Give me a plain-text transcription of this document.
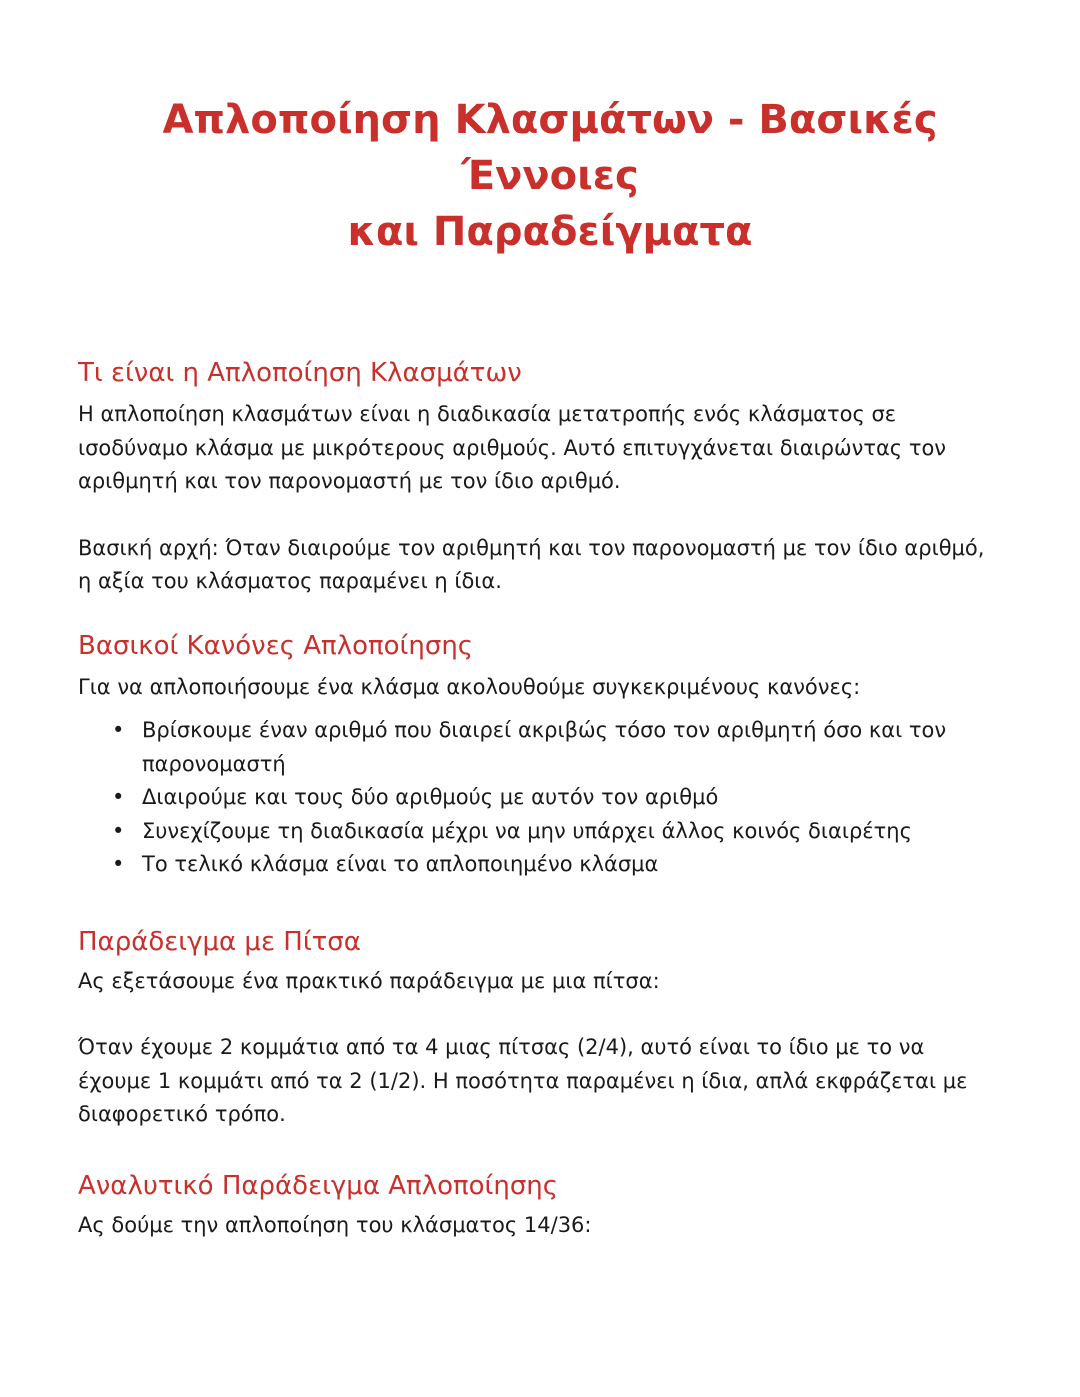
Απλοποίηση Κλασμάτων - Βασικές Έννοιες
και Παραδείγματα
Τι είναι η Απλοποίηση Κλασμάτων

Η απλοποίηση κλασμάτων είναι η διαδικασία μετατροπής ενός κλάσματος σε ισοδύναμο κλάσμα με μικρότερους αριθμούς. Αυτό επιτυγχάνεται διαιρώντας τον αριθμητή και τον παρονομαστή με τον ίδιο αριθμό.

Βασική αρχή: Όταν διαιρούμε τον αριθμητή και τον παρονομαστή με τον ίδιο αριθμό, η αξία του κλάσματος παραμένει η ίδια.

Βασικοί Κανόνες Απλοποίησης

Για να απλοποιήσουμε ένα κλάσμα ακολουθούμε συγκεκριμένους κανόνες:

• Βρίσκουμε έναν αριθμό που διαιρεί ακριβώς τόσο τον αριθμητή όσο και τον παρονομαστή
• Διαιρούμε και τους δύο αριθμούς με αυτόν τον αριθμό
• Συνεχίζουμε τη διαδικασία μέχρι να μην υπάρχει άλλος κοινός διαιρέτης
• Το τελικό κλάσμα είναι το απλοποιημένο κλάσμα
Παράδειγμα με Πίτσα

Ας εξετάσουμε ένα πρακτικό παράδειγμα με μια πίτσα:

Όταν έχουμε 2 κομμάτια από τα 4 μιας πίτσας (2/4), αυτό είναι το ίδιο με το να έχουμε 1 κομμάτι από τα 2 (1/2). Η ποσότητα παραμένει η ίδια, απλά εκφράζεται με διαφορετικό τρόπο.

Αναλυτικό Παράδειγμα Απλοποίησης

Ας δούμε την απλοποίηση του κλάσματος 14/36:
